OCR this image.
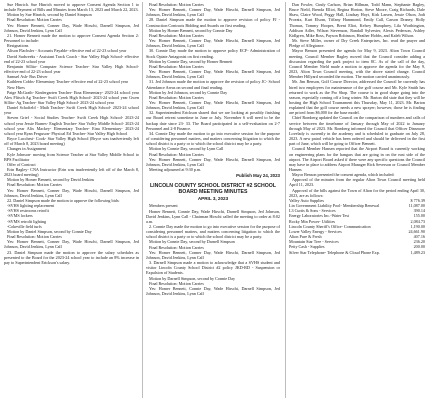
Sue Hinrich. Sue Hinrich moved to approve Consent Agenda Section 1 to include Payment of Bills and Minutes from March 13, 2023 and March 22, 2023.
Motion by Sue Hinrich, second by Daniel Simpson
Final Resolution: Motion Carries
Yes: Homer Bennett, Conner Day, Wade Hirschi, Darnell Simpson, Jed Johnson, David Jenkins, Lynn Call
21. Homer Bennett made the motion to approve Consent Agenda Section 2: Personnel to include:
Resignations
Alison Flachsler - Accounts Payable- effective end of 22-23 school year
David Sudweeks - Assistant Track Coach - Star Valley High School- effective end of 22-23 school year
Benjamin Sillito- Computer Science Teacher- Star Valley High School- effective end of 22-23 school year
Samuel Ash- Bus Driver
Kathleen Cobbs- Elementary Teacher- effective end of 22-23 school year
New Hires
Paige McGrath- Kindergarten Teacher- Etna Elementary- 2023-24 school year Alex Flitsch Ag Teacher- Swift Creek High School- 2023-24 school year Gwen Sillito- Ag Teacher- Star Valley High School- 2023-24 school year
Daniel Schofield - Math Teacher- Swift Creek High School- 2023-24 school year
Steven Grief - Social Studies Teacher- Swift Creek High School- 2023-24 school year Jessie Barnes- English Teacher- Star Valley Middle School- 2023-24 school year Alix Mackey- Elementary Teacher- Etna Elementary- 2023-24 school year Ryan Ferguson- Physical Ed Teacher- Star Valley High School
Bryce Lucchesi- Cook- Star Valley High School (Bryce was inadvertently left off of March 8, 2023 board meeting)
Changes in Assignment
Kyle Johnson- moving from Science Teacher at Star Valley Middle School to BPS Facilitator
Offer of Contract
Erin Bagley- CNA Instructor (Erin was inadvertently left off of the March 8, 2023 board meeting)
Motion by Homer Bennett, second by David Jenkins
Final Resolution: Motion Carries
Yes: Homer Bennett, Conner Day, Wade Hirschi, Darnell Simpson, Jed Johnson, David Jenkins, Lynn Call
22. Daniel Simpson made the motion to approve the following bids:
-SVHS lighting replacement
-SVHS restrooms retrofit
-SVMS lockers
-SVMS retrofit lighting
-Cokeville field turfs
Motion by Daniel Simpson, second by Connie Day
Final Resolution: Motion Carries
Yes: Homer Bennett, Conner Day, Wade Hirschi, Darnell Simpson, Jed Johnson, David Jenkins, Lynn Call
23. Daniel Simpson made the motion to approve the salary schedules as presented to the Board for the 2023-24 school year to include an 8% increase in pay to Superintendent Erickson's salary.
Final Resolution: Motion Carries
Yes: Homer Bennett, Conner Day, Wade Hirschi, Darnell Simpson, Jed Johnson, David Jenkins, Lynn Call
28. Daniel Simpson made the motion to approve revision of policy FJ - Construction Contracts Bidding and Awards on first reading.
Motion by Homer Bennett, second by Connie Day
Final Resolution: Motion Carries
Yes: Homer Bennett, Conner Day, Wade Hirschi, Darnell Simpson, Jed Johnson, David Jenkins, Lynn Call
30. Connie Day made the motion to approve policy ECF- Administration of Stock Opiate Antagonist on first reading.
Motion by Connie Day, second by Homer Bennett
Final Resolution: Motion Carries
Yes: Homer Bennett, Conner Day, Wade Hirschi, Darnell Simpson, Jed Johnson, David Jenkins, Lynn Call
31. Jed Johnson made the motion to approve the revision of policy JC- School Attendance Areas on second and final reading.
Motion by Jed Johnson, second by Connie Day
Final Resolution: Motion Carries
Yes: Homer Bennett, Conner Day, Wade Hirschi, Darnell Simpson, Jed Johnson, David Jenkins, Lynn Call
32. Superintendent Erickson shared that we are looking at possibly finishing our Board retreat sometime in June or July. November 6 will need to be the backup date since 23- 33. The Board participated in a self-evaluation on 2-7 Personnel and 2-8 Finance.
34. Connie Day made the motion to go into executive session for the purpose of considering personnel matters, and matters concerning litigation to which the school district is a party or to which the school district may be a party.
Motion by Connie Day, second by Lynn Call
Final Resolution: Motion Carries
Yes: Homer Bennett, Conner Day, Wade Hirschi, Darnell Simpson, Jed Johnson, David Jenkins, Lynn Call
Meeting adjourned at 9:30 p.m.
Publish May 24, 2023
LINCOLN COUNTY SCHOOL DISTRICT #2 SCHOOL BOARD MEETING MINUTES
APRIL 3, 2023
Members present
Homer Bennett, Connie Day, Wade Hirschi, Darnell Simpson, Jed Johnson, David Jenkins, Lynn Call - Chairman Hirschi called the meeting to order at 8:02 a.m.
2. Connie Day made the motion to go into executive session for the purpose of considering personnel matters, and matters concerning litigation to which the school district is a party or to which the school district may be a party.
Motion by Connie Day, second by Darnell Simpson
Final Resolution: Motion Carries
Yes: Homer Bennett, Conner Day, Wade Hirschi, Darnell Simpson, Jed Johnson, David Jenkins, Lynn Call
3. Darnell Simpson made a motion to acknowledge that a SVHS student and visitor Lincoln County School District #2 policy JKD-RD - Suspension or Expulsion of Students.
Motion by Darnell Simpson, second by Connie Day
Final Resolution: Motion Carries
Yes: Homer Bennett, Connie Day, Wade Hirschi, Darnell Simpson, Jed Johnson, David Jenkins, Lynn Call
Dan Fowler, Cindy Carlson, Brian Hillman, Todd Mann, Stephanie Bagley, Bruce Nield, Brenda Elliot, Regina Horton, Steve Moore, Craig Richards, Dale Shaw, Claire Wood, Peggy Hall, Lindsay Hoyt, Kirk Larsen, Jessie Olson, Jodi Proeatz, Kurt Elsom, Tiffany Hammond, Emily Call, Carson Draney, Holly Thomas, Tommy Hoopes, Brent Eliot, Kelsey Humphrey, Lila Worthington, Addison Adler, Wilson Stevenson, Randall Sylvester, Alexis Pederson, Ashley Kidlgren, Mike Ross, Payson Robinson, Heather Hobbs, and Kaleb Wilson.
Mr. Steve Miller, owner of Dry Creek Enterprises, Inc. read the prayer and Pledge of Allegiance.
Mayor Benson presented the agenda for May 9, 2023. Alton Town Council meeting. Council Member Bagley moved that the Council consider adding a discussion regarding the park project to item 8C. As of the call of the day, Council Member Nield made a motion to approve the agenda for the May 9, 2023, Alton Town Council meeting, with the above stated change. Council Member Hillyard seconded the motion. The motion carried unanimously.
Mr. Jim Benson, Golf Course Director, addressed the Council he currently has hired two employees for maintenance of the golf course and Mr. Kyle Smith has returned to work as the Pro Shop. The course is in good shape going into the season, especially coming off a long winter. Mr. Barton did state that they will be hosting the High School Tournament this Thursday, May 11, 2023. Mr. Barton explained that the golf course needs a new sprayer; however, those he is finding are priced from $6,000 for the base model.
Chief Romberg updated the Council on the comparison of numbers and calls of service between the timeframe of January through May of 2022 to January through May of 2023. Mr. Romberg informed the Council that Officer Dinsmore Lovelady is currently in the academy and is scheduled to graduate on July 28, 2023. A new patrol vehicle has been ordered and should be delivered in the first part of June, which will be going to Officer Bennett.
Council Member Hansen reported that the Airport Board is currently working on engineering plans for the hangars that are going in on the east side of the airport. The Airport Board asked if there were any specific questions the Council may have in place to address Airport Manager Rick Severson or Council Member Hansen.
Mayor Benson presented the consent agenda, which included:
Approval of the minutes from the regular Alton Town Council meeting held April 11, 2023.
Approval of the bills against the Town of Alton for the period ending April 30, 2023, are as follows:
Valley Auto Supplies	$ 776.39
Lin Government Liability Pool- Membership Renewal	11,087.00
L3 Curtis & Sons - Services	390.14
Energy Laboratories Inc.-Water Test	155.00
Rocky Mtn Power- Utilities	2,084.73
Lincoln County Sheriff's Office- Communication	1,190.00
Lower Valley Energy - Services	24,661.90
Alton Pure & Fresh	407.16
Mountain Star Tree - Services	236.20
Petty Cash - Supplies	200.00
Silver Star Telephone- Telephone & Cloud Phone Exp.	1,489.23
